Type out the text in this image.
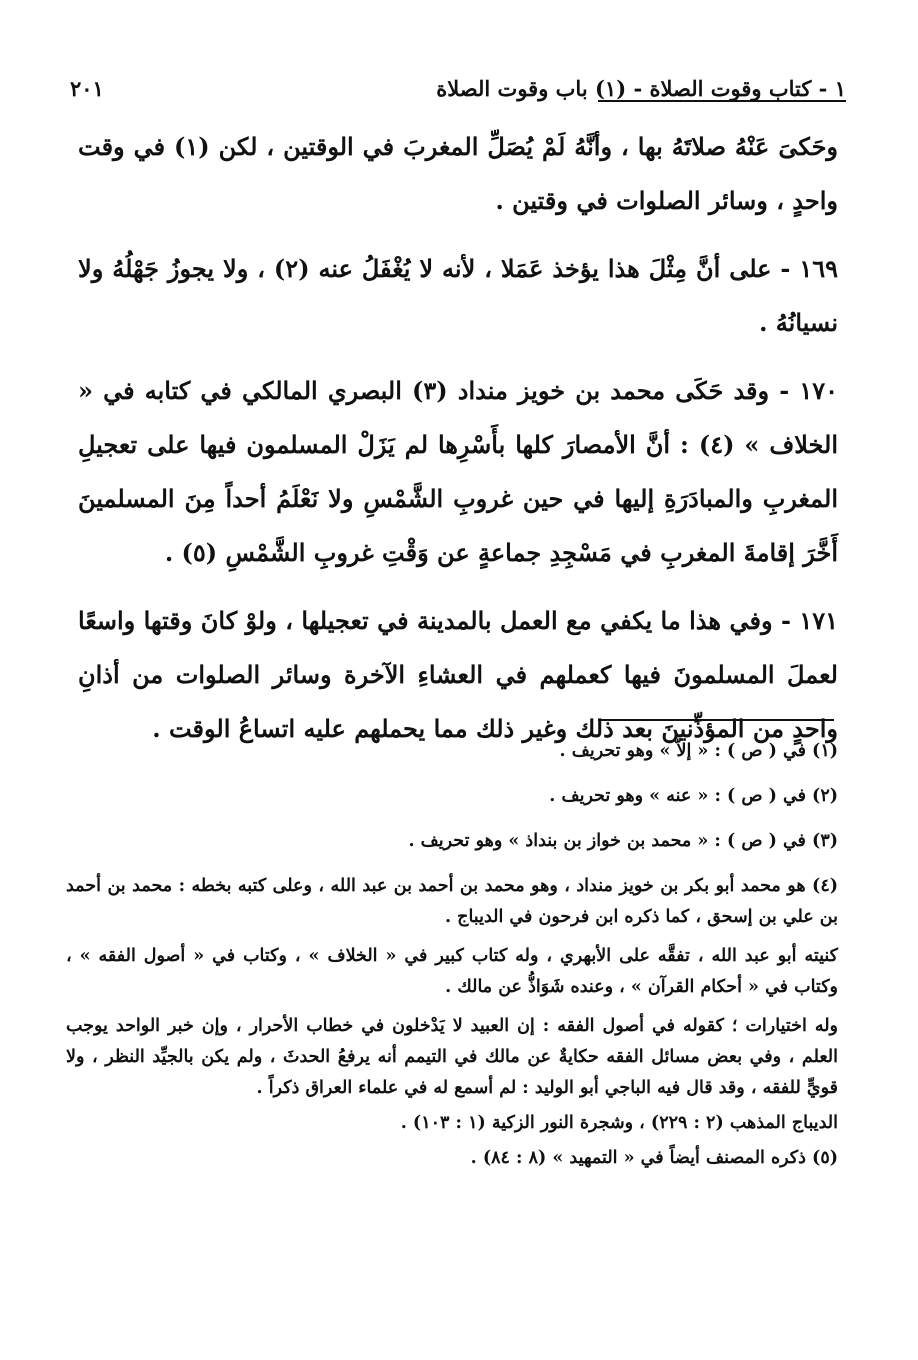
١ - كتاب وقوت الصلاة - (١) باب وقوت الصلاة
٢٠١

وحَكىَ عَنْهُ صلاتَهُ بها ، وأنَّهُ لَمْ يُصَلِّ المغربَ في الوقتين ، لكن (١) في وقت واحدٍ ، وسائر الصلوات في وقتين .

١٦٩ - على أنَّ مِثْلَ هذا يؤخذ عَمَلا ، لأنه لا يُغْفَلُ عنه (٢) ، ولا يجوزُ جَهْلُهُ ولا نسيانُهُ .

١٧٠ - وقد حَكَى محمد بن خويز منداد (٣) البصري المالكي في كتابه في « الخلاف » (٤) : أنَّ الأمصارَ كلها بأَسْرِها لم يَزَلْ المسلمون فيها على تعجيلِ المغربِ والمبادَرَةِ إليها في حين غروبِ الشَّمْسِ ولا نَعْلَمُ أحداً مِنَ المسلمينَ أَخَّرَ إقامةَ المغربِ في مَسْجِدِ جماعةٍ عن وَقْتِ غروبِ الشَّمْسِ (٥) .

١٧١ - وفي هذا ما يكفي مع العمل بالمدينة في تعجيلها ، ولوْ كانَ وقتها واسعًا لعملَ المسلمونَ فيها كعملهم في العشاءِ الآخرة وسائر الصلوات من أذانِ واحدٍ من المؤذِّنينَ بعد ذلك وغير ذلك مما يحملهم عليه اتساعُ الوقت .

(١) في ( ص ) : « إلاّ » وهو تحريف .

(٢) في ( ص ) : « عنه » وهو تحريف .

(٣) في ( ص ) : « محمد بن خواز بن بنداذ » وهو تحريف .

(٤) هو محمد أبو بكر بن خويز منداد ، وهو محمد بن أحمد بن عبد الله ، وعلى كتبه بخطه : محمد بن أحمد بن علي بن إسحق ، كما ذكره ابن فرحون في الديباج .

كنيته أبو عبد الله ، تفقَّه على الأبهري ، وله كتاب كبير في « الخلاف » ، وكتاب في « أصول الفقه » ، وكتاب في « أحكام القرآن » ، وعنده شَوَاذُّ عن مالك .

وله اختيارات ؛ كقوله في أصول الفقه : إن العبيد لا يَدْخلون في خطاب الأحرار ، وإن خبر الواحد يوجب العلم ، وفي بعض مسائل الفقه حكايةٌ عن مالك في التيمم أنه يرفعُ الحدثَ ، ولم يكن بالجيِّد النظر ، ولا قويٍّ للفقه ، وقد قال فيه الباجي أبو الوليد : لم أسمع له في علماء العراق ذكراً .

الديباج المذهب (٢ : ٢٢٩) ، وشجرة النور الزكية (١ : ١٠٣) .

(٥) ذكره المصنف أيضاً في « التمهيد » (٨ : ٨٤) .
